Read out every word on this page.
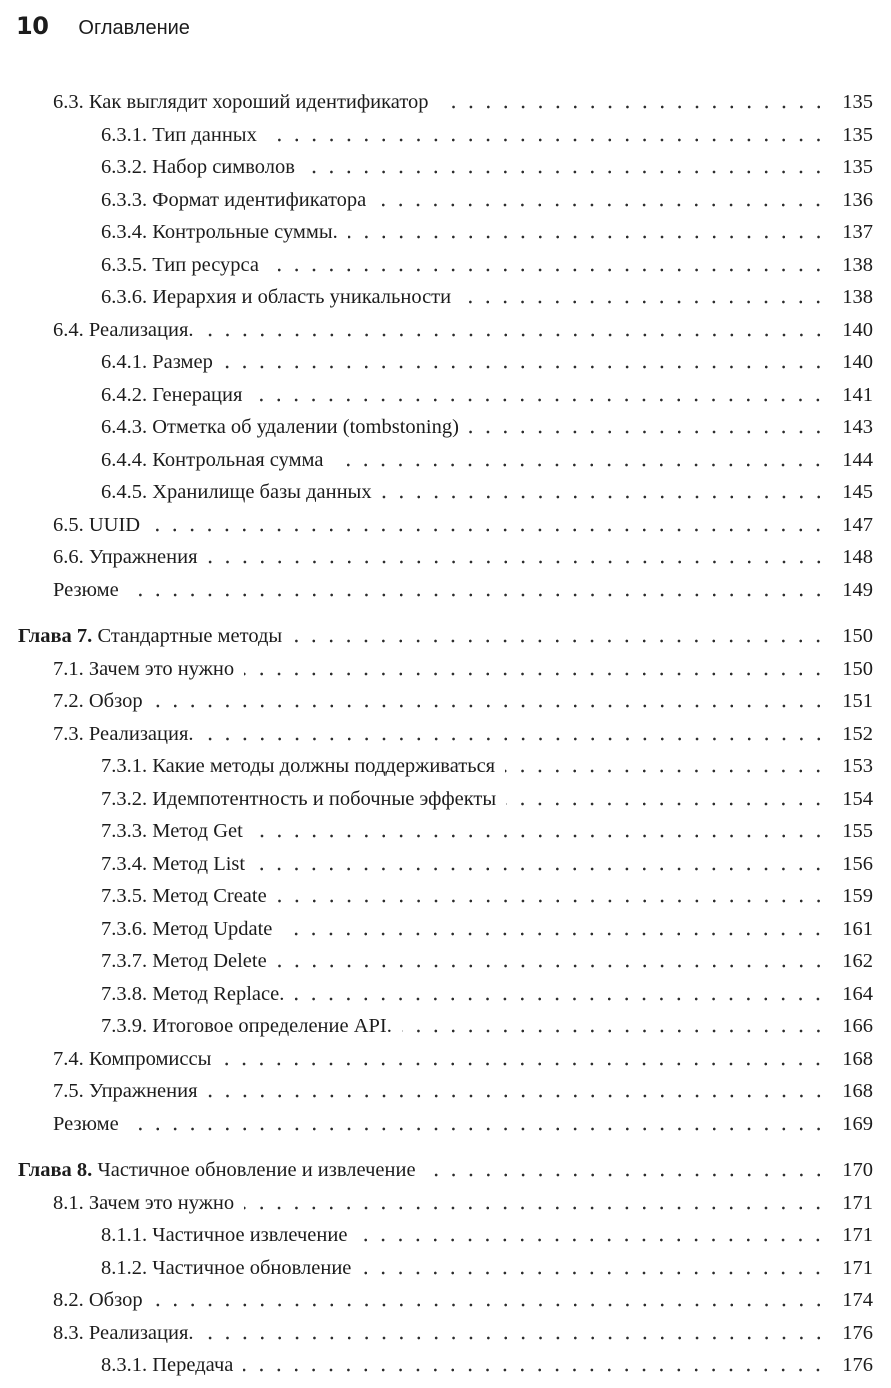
10 Оглавление
6.3. Как выглядит хороший идентификатор	135
6.3.1. Тип данных	135
6.3.2. Набор символов	135
6.3.3. Формат идентификатора	136
6.3.4. Контрольные суммы.	137
6.3.5. Тип ресурса	138
6.3.6. Иерархия и область уникальности	138
6.4. Реализация.	140
6.4.1. Размер	140
6.4.2. Генерация	141
6.4.3. Отметка об удалении (tombstoning)	143
6.4.4. Контрольная сумма	144
6.4.5. Хранилище базы данных	145
6.5. UUID	147
6.6. Упражнения	148
Резюме	149
Глава 7. Стандартные методы	150
7.1. Зачем это нужно	150
7.2. Обзор	151
7.3. Реализация.	152
7.3.1. Какие методы должны поддерживаться	153
7.3.2. Идемпотентность и побочные эффекты	154
7.3.3. Метод Get	155
7.3.4. Метод List	156
7.3.5. Метод Create	159
7.3.6. Метод Update	161
7.3.7. Метод Delete	162
7.3.8. Метод Replace.	164
7.3.9. Итоговое определение API.	166
7.4. Компромиссы	168
7.5. Упражнения	168
Резюме	169
Глава 8. Частичное обновление и извлечение	170
8.1. Зачем это нужно	171
8.1.1. Частичное извлечение	171
8.1.2. Частичное обновление	171
8.2. Обзор	174
8.3. Реализация.	176
8.3.1. Передача	176
